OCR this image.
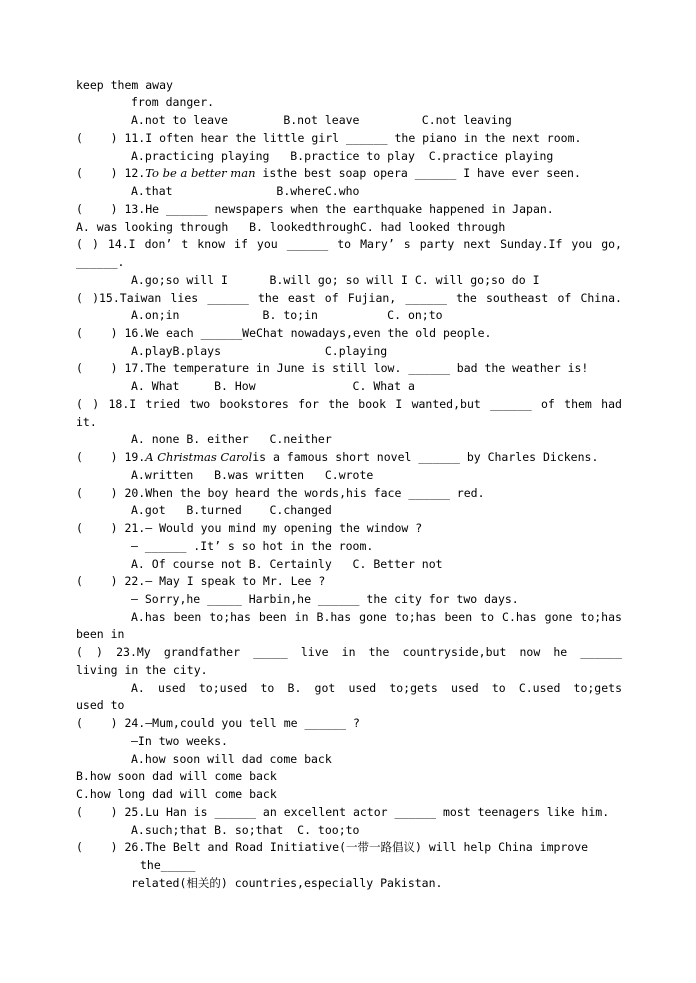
keep them away
from danger.
A.not to leave        B.not leave         C.not leaving
(    ) 11.I often hear the little girl ______ the piano in the next room.
A.practicing playing   B.practice to play  C.practice playing
(    ) 12.To be a better man isthe best soap opera ______ I have ever seen.
A.that               B.whereC.who
(    ) 13.He ______ newspapers when the earthquake happened in Japan.
A. was looking through   B. lookedthroughC. had looked through
( ) 14.I don’ t know if you ______ to Mary’ s party next Sunday.If you go,
______.
A.go;so will I      B.will go; so will I C. will go;so do I
( )15.Taiwan lies ______ the east of Fujian, ______ the southeast of China.
A.on;in            B. to;in          C. on;to
(    ) 16.We each ______WeChat nowadays,even the old people.
A.playB.plays               C.playing
(    ) 17.The temperature in June is still low. ______ bad the weather is!
A. What     B. How              C. What a
( ) 18.I tried two bookstores for the book I wanted,but ______ of them had
it.
A. none B. either   C.neither
(    ) 19.A Christmas Carolis a famous short novel ______ by Charles Dickens.
A.written   B.was written   C.wrote
(    ) 20.When the boy heard the words,his face ______ red.
A.got   B.turned    C.changed
(    ) 21.— Would you mind my opening the window ?
— ______ .It’ s so hot in the room.
A. Of course not B. Certainly   C. Better not
(    ) 22.— May I speak to Mr. Lee ?
— Sorry,he _____ Harbin,he ______ the city for two days.
A.has been to;has been in B.has gone to;has been to C.has gone to;has
been in
( ) 23.My grandfather _____ live in the countryside,but now he ______
living in the city.
A. used to;used to B. got used to;gets used to C.used to;gets
used to
(    ) 24.—Mum,could you tell me ______ ?
—In two weeks.
A.how soon will dad come back
B.how soon dad will come back
C.how long dad will come back
(    ) 25.Lu Han is ______ an excellent actor ______ most teenagers like him.
A.such;that B. so;that  C. too;to
(    ) 26.The Belt and Road Initiative(一带一路倡议) will help China improve
the_____
related(相关的) countries,especially Pakistan.
